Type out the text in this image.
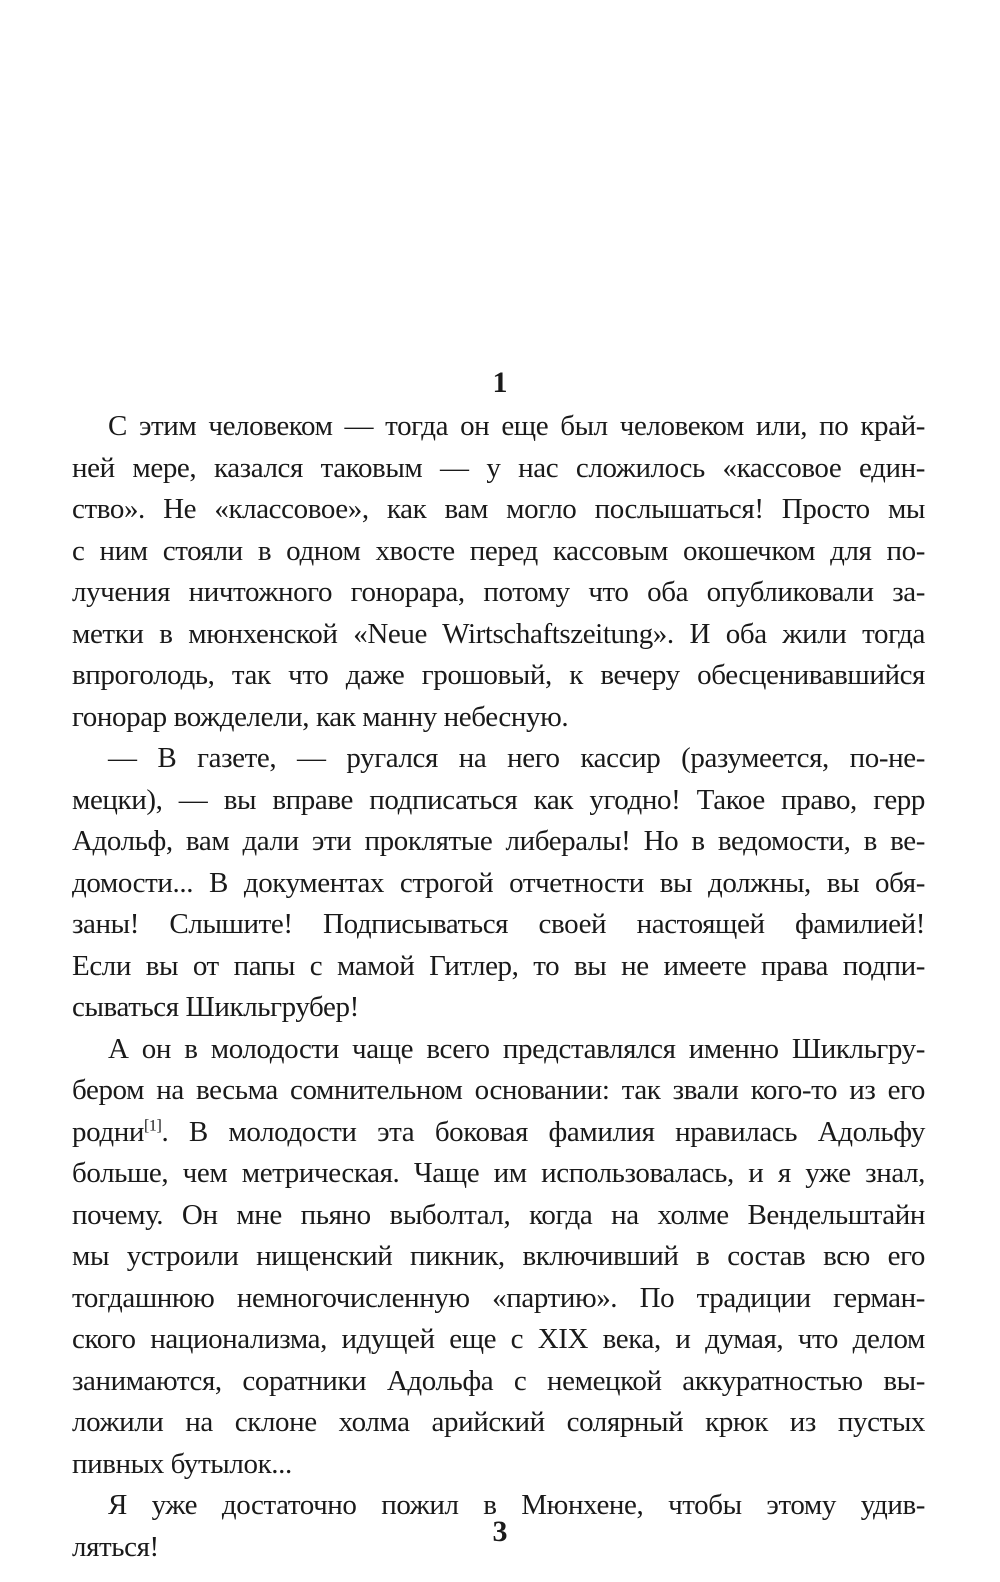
1
С этим человеком — тогда он еще был человеком или, по край-
ней мере, казался таковым — у нас сложилось «кассовое един-
ство». Не «классовое», как вам могло послышаться! Просто мы
с ним стояли в одном хвосте перед кассовым окошечком для по-
лучения ничтожного гонорара, потому что оба опубликовали за-
метки в мюнхенской «Neue Wirtschaftszeitung». И оба жили тогда
впроголодь, так что даже грошовый, к вечеру обесценивавшийся
гонорар вожделели, как манну небесную.
— В газете, — ругался на него кассир (разумеется, по-не-
мецки), — вы вправе подписаться как угодно! Такое право, герр
Адольф, вам дали эти проклятые либералы! Но в ведомости, в ве-
домости... В документах строгой отчетности вы должны, вы обя-
заны! Слышите! Подписываться своей настоящей фамилией!
Если вы от папы с мамой Гитлер, то вы не имеете права подпи-
сываться Шикльгрубер!
А он в молодости чаще всего представлялся именно Шикльгру-
бером на весьма сомнительном основании: так звали кого-то из его
родни[1]. В молодости эта боковая фамилия нравилась Адольфу
больше, чем метрическая. Чаще им использовалась, и я уже знал,
почему. Он мне пьяно выболтал, когда на холме Вендельштайн
мы устроили нищенский пикник, включивший в состав всю его
тогдашнюю немногочисленную «партию». По традиции герман-
ского национализма, идущей еще с XIX века, и думая, что делом
занимаются, соратники Адольфа с немецкой аккуратностью вы-
ложили на склоне холма арийский солярный крюк из пустых
пивных бутылок...
Я уже достаточно пожил в Мюнхене, чтобы этому удив-
ляться!	3
